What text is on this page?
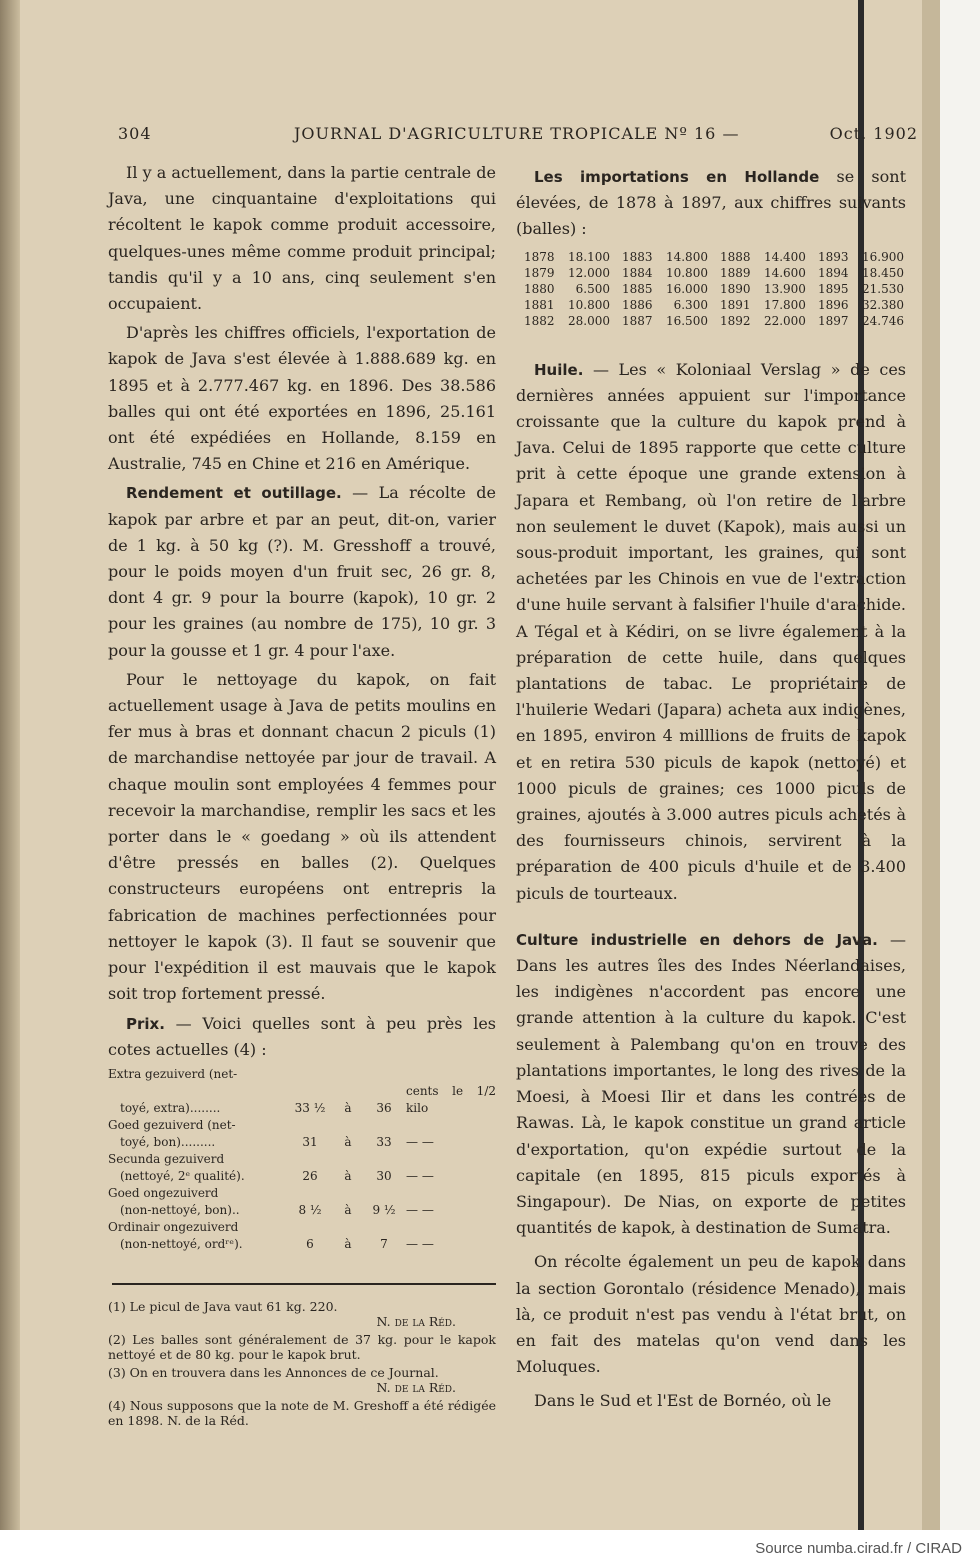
304	JOURNAL D'AGRICULTURE TROPICALE Nº 16 —	Oct. 1902

Il y a actuellement, dans la partie centrale de Java, une cinquantaine d'exploitations qui récoltent le kapok comme produit accessoire, quelques-unes même comme produit principal; tandis qu'il y a 10 ans, cinq seulement s'en occupaient.

D'après les chiffres officiels, l'exportation de kapok de Java s'est élevée à 1.888.689 kg. en 1895 et à 2.777.467 kg. en 1896. Des 38.586 balles qui ont été exportées en 1896, 25.161 ont été expédiées en Hollande, 8.159 en Australie, 745 en Chine et 216 en Amérique.

Rendement et outillage. — La récolte de kapok par arbre et par an peut, dit-on, varier de 1 kg. à 50 kg (?). M. Gresshoff a trouvé, pour le poids moyen d'un fruit sec, 26 gr. 8, dont 4 gr. 9 pour la bourre (kapok), 10 gr. 2 pour les graines (au nombre de 175), 10 gr. 3 pour la gousse et 1 gr. 4 pour l'axe.

Pour le nettoyage du kapok, on fait actuellement usage à Java de petits moulins en fer mus à bras et donnant chacun 2 piculs (1) de marchandise nettoyée par jour de travail. A chaque moulin sont employées 4 femmes pour recevoir la marchandise, remplir les sacs et les porter dans le « goedang » où ils attendent d'être pressés en balles (2). Quelques constructeurs européens ont entrepris la fabrication de machines perfectionnées pour nettoyer le kapok (3). Il faut se souvenir que pour l'expédition il est mauvais que le kapok soit trop fortement pressé.

Prix. — Voici quelles sont à peu près les cotes actuelles (4) :

Extra gezuiverd (net-				
toyé, extra)........	33 ½	à	36	cents le 1/2 kilo
Goed gezuiverd (net-				
toyé, bon).........	31	à	33	— —
Secunda gezuiverd				
(nettoyé, 2ᵉ qualité).	26	à	30	— —
Goed ongezuiverd				
(non-nettoyé, bon)..	8 ½	à	9 ½	— —
Ordinair ongezuiverd				
(non-nettoyé, ordʳᵉ).	6	à	7	— —

(1) Le picul de Java vaut 61 kg. 220.
N. de la Réd.

(2) Les balles sont généralement de 37 kg. pour le kapok nettoyé et de 80 kg. pour le kapok brut.

(3) On en trouvera dans les Annonces de ce Journal.
N. de la Réd.

(4) Nous supposons que la note de M. Greshoff a été rédigée en 1898. N. de la Réd.

Les importations en Hollande se sont élevées, de 1878 à 1897, aux chiffres suivants (balles) :

1878	18.100	1883	14.800	1888	14.400	1893	16.900
1879	12.000	1884	10.800	1889	14.600	1894	18.450
1880	6.500	1885	16.000	1890	13.900	1895	21.530
1881	10.800	1886	6.300	1891	17.800	1896	32.380
1882	28.000	1887	16.500	1892	22.000	1897	24.746

Huile. — Les « Koloniaal Verslag » de ces dernières années appuient sur l'importance croissante que la culture du kapok prend à Java. Celui de 1895 rapporte que cette culture prit à cette époque une grande extension à Japara et Rembang, où l'on retire de l'arbre non seulement le duvet (Kapok), mais aussi un sous-produit important, les graines, qui sont achetées par les Chinois en vue de l'extraction d'une huile servant à falsifier l'huile d'arachide. A Tégal et à Kédiri, on se livre également à la préparation de cette huile, dans quelques plantations de tabac. Le propriétaire de l'huilerie Wedari (Japara) acheta aux indigènes, en 1895, environ 4 milllions de fruits de kapok et en retira 530 piculs de kapok (nettoyé) et 1000 piculs de graines; ces 1000 piculs de graines, ajoutés à 3.000 autres piculs achetés à des fournisseurs chinois, servirent à la préparation de 400 piculs d'huile et de 3.400 piculs de tourteaux.

Culture industrielle en dehors de Java. — Dans les autres îles des Indes Néerlandaises, les indigènes n'accordent pas encore une grande attention à la culture du kapok. C'est seulement à Palembang qu'on en trouve des plantations importantes, le long des rives de la Moesi, à Moesi Ilir et dans les contrées de Rawas. Là, le kapok constitue un grand article d'exportation, qu'on expédie surtout de la capitale (en 1895, 815 piculs exportés à Singapour). De Nias, on exporte de petites quantités de kapok, à destination de Sumatra.

On récolte également un peu de kapok dans la section Gorontalo (résidence Menado), mais là, ce produit n'est pas vendu à l'état brut, on en fait des matelas qu'on vend dans les Moluques.

Dans le Sud et l'Est de Bornéo, où le

Source numba.cirad.fr / CIRAD
